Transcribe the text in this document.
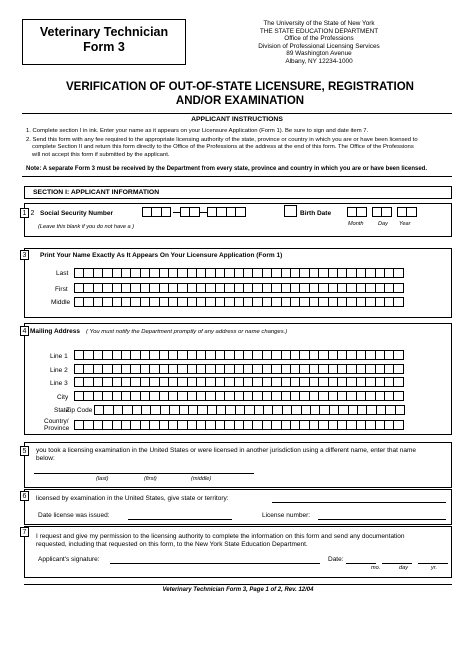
Veterinary Technician
Form 3
The University of the State of New York
THE STATE EDUCATION DEPARTMENT
Office of the Professions
Division of Professional Licensing Services
89 Washington Avenue
Albany, NY 12234-1000
VERIFICATION OF OUT-OF-STATE LICENSURE, REGISTRATION
AND/OR EXAMINATION
APPLICANT INSTRUCTIONS
1. Complete section I in ink. Enter your name as it appears on your Licensure Application (Form 1). Be sure to sign and date item 7.
2. Send this form with any fee required to the appropriate licensing authority of the state, province or country in which you are or have been licensed to
complete Section II and return this form directly to the Office of the Professions at the address at the end of this form. The Office of the Professions
will not accept this form if submitted by the applicant.
Note: A separate Form 3 must be received by the Department from every state, province and country in which you are or have been licensed.
SECTION I: APPLICANT INFORMATION
1 2 Social Security Number
(Leave this blank if you do not have a )
Birth Date
Month	Day Year
3	Print Your Name Exactly As It Appears On Your Licensure Application (Form 1)
Last
First
Middle
4 Mailing Address ( You must notify the Department promptly of any address or name changes.)
Line 1
Line 2
Line 3
City
State
Zip Code
Country/
Province
5	you took a licensing examination in the United States or were licensed in another jurisdiction using a different name, enter that name
below:
(last)	(first)	(middle)
6	licensed by examination in the United States, give state or territory:
Date license was issued:	License number:
7
I request and give my permission to the licensing authority to complete the information on this form and send any documentation
requested, including that requested on this form, to the New York State Education Department.
Applicant's signature:	Date:
mo.	day	yr.
Veterinary Technician Form 3, Page 1 of 2, Rev. 12/04
